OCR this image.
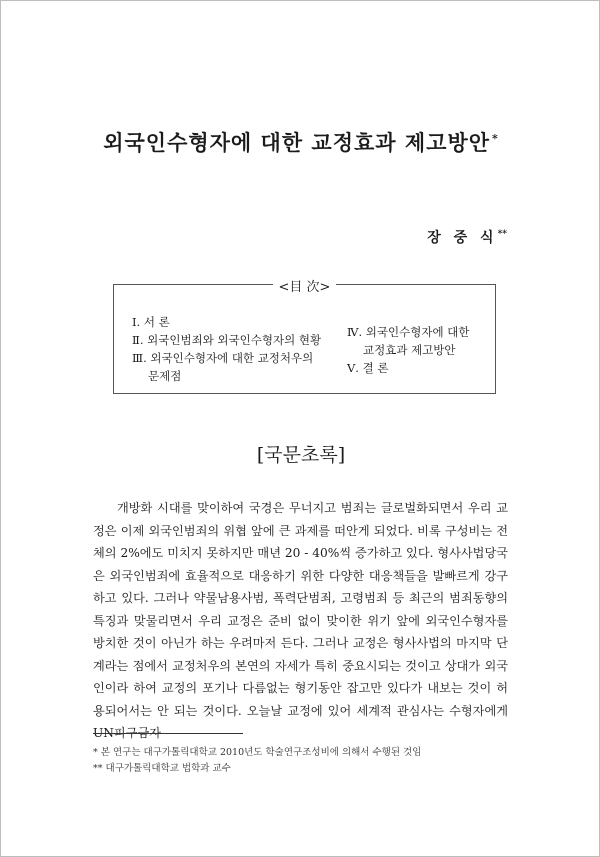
외국인수형자에 대한 교정효과 제고방안 *
장 중 식**
<目 次>
Ⅰ. 서 론
Ⅱ. 외국인범죄와 외국인수형자의 현황
Ⅲ. 외국인수형자에 대한 교정처우의
문제점
Ⅳ. 외국인수형자에 대한
교정효과 제고방안
Ⅴ. 결 론
[국문초록]

개방화 시대를 맞이하여 국경은 무너지고 범죄는 글로벌화되면서 우리 교정은 이제 외국인범죄의 위협 앞에 큰 과제를 떠안게 되었다. 비록 구성비는 전체의 2%에도 미치지 못하지만 매년 20 - 40%씩 증가하고 있다. 형사사법당국은 외국인범죄에 효율적으로 대응하기 위한 다양한 대응책들을 발빠르게 강구하고 있다. 그러나 약물남용사범, 폭력단범죄, 고령범죄 등 최근의 범죄동향의 특징과 맞물리면서 우리 교정은 준비 없이 맞이한 위기 앞에 외국인수형자를 방치한 것이 아닌가 하는 우려마저 든다. 그러나 교정은 형사사법의 마지막 단계라는 점에서 교정처우의 본연의 자세가 특히 중요시되는 것이고 상대가 외국인이라 하여 교정의 포기나 다름없는 형기동안 잡고만 있다가 내보는 것이 허용되어서는 안 되는 것이다. 오늘날 교정에 있어 세계적 관심사는 수형자에게 UN피구금자

* 본 연구는 대구가톨릭대학교 2010년도 학술연구조성비에 의해서 수행된 것임
** 대구가톨릭대학교 법학과 교수
